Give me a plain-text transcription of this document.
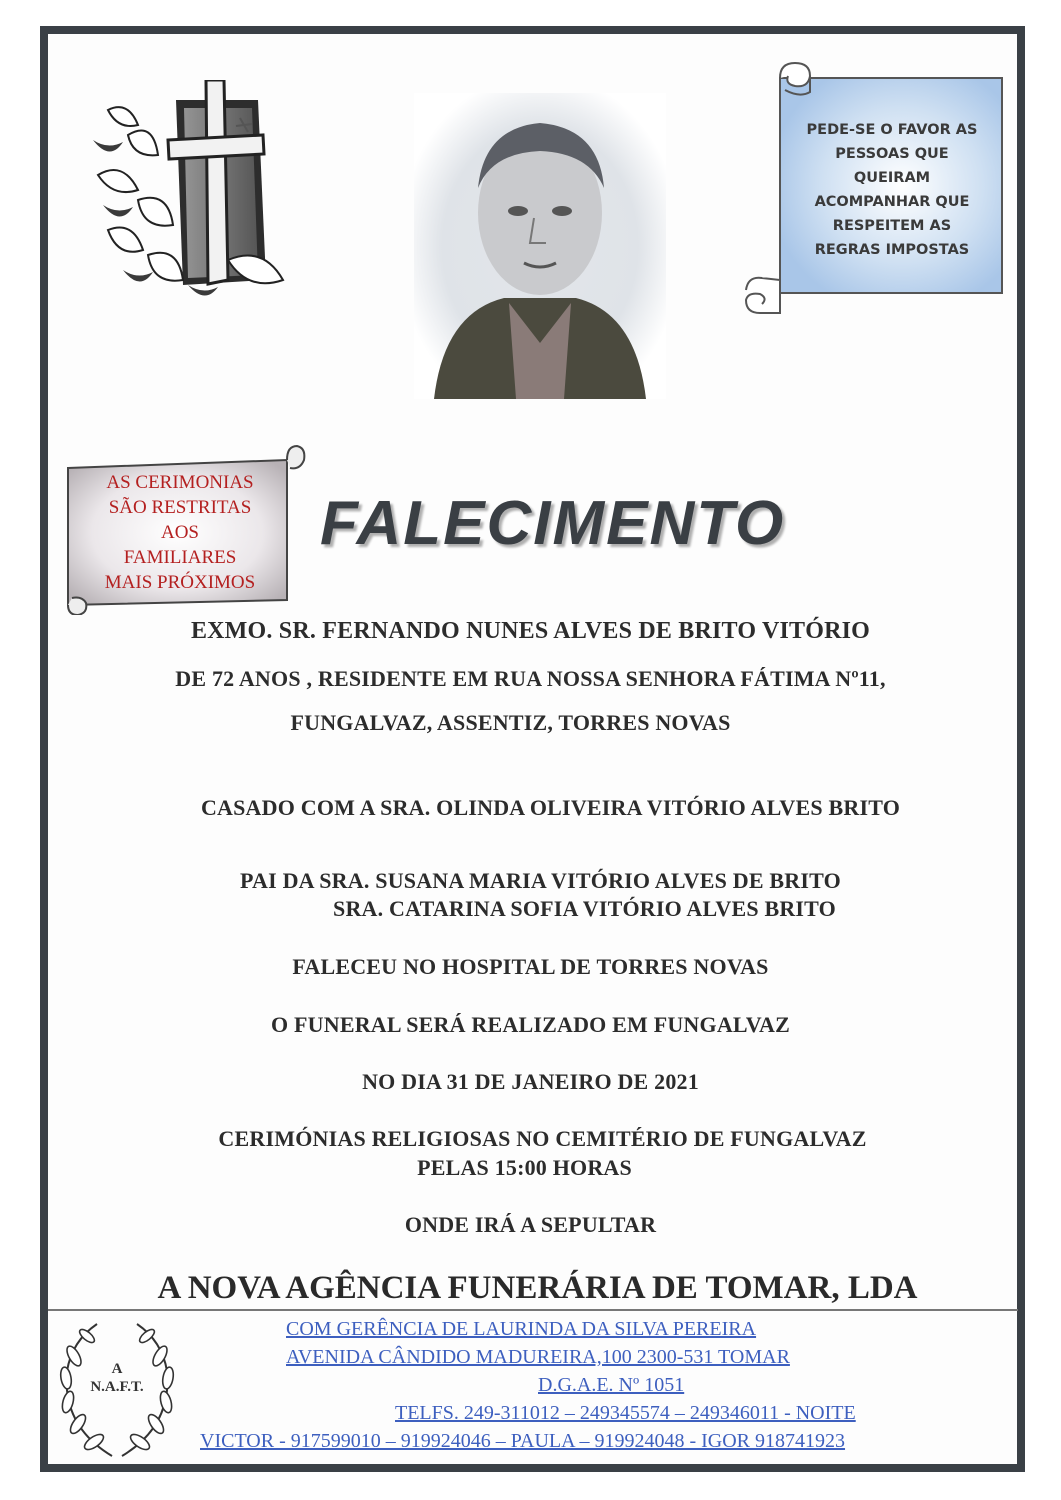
PEDE-SE O FAVOR AS
PESSOAS QUE
QUEIRAM
ACOMPANHAR QUE
RESPEITEM AS
REGRAS IMPOSTAS
AS CERIMONIAS
SÃO RESTRITAS
AOS
FAMILIARES
MAIS PRÓXIMOS
FALECIMENTO
EXMO. SR. FERNANDO NUNES ALVES DE BRITO VITÓRIO
DE 72 ANOS , RESIDENTE EM RUA NOSSA SENHORA FÁTIMA Nº11,
FUNGALVAZ, ASSENTIZ, TORRES NOVAS
CASADO COM A SRA. OLINDA OLIVEIRA VITÓRIO ALVES BRITO
PAI DA SRA. SUSANA MARIA VITÓRIO ALVES DE BRITO
SRA. CATARINA SOFIA VITÓRIO ALVES BRITO
FALECEU NO HOSPITAL DE TORRES NOVAS
O FUNERAL SERÁ REALIZADO EM FUNGALVAZ
NO DIA 31 DE JANEIRO DE 2021
CERIMÓNIAS RELIGIOSAS NO CEMITÉRIO DE FUNGALVAZ
PELAS 15:00 HORAS
ONDE IRÁ A SEPULTAR
A NOVA AGÊNCIA FUNERÁRIA DE TOMAR, LDA
A
N.A.F.T.
COM GERÊNCIA DE LAURINDA DA SILVA PEREIRA
AVENIDA CÂNDIDO MADUREIRA,100 2300-531 TOMAR
D.G.A.E. Nº 1051
TELFS. 249-311012 – 249345574 – 249346011 - NOITE
VICTOR - 917599010 – 919924046 – PAULA – 919924048 - IGOR 918741923
